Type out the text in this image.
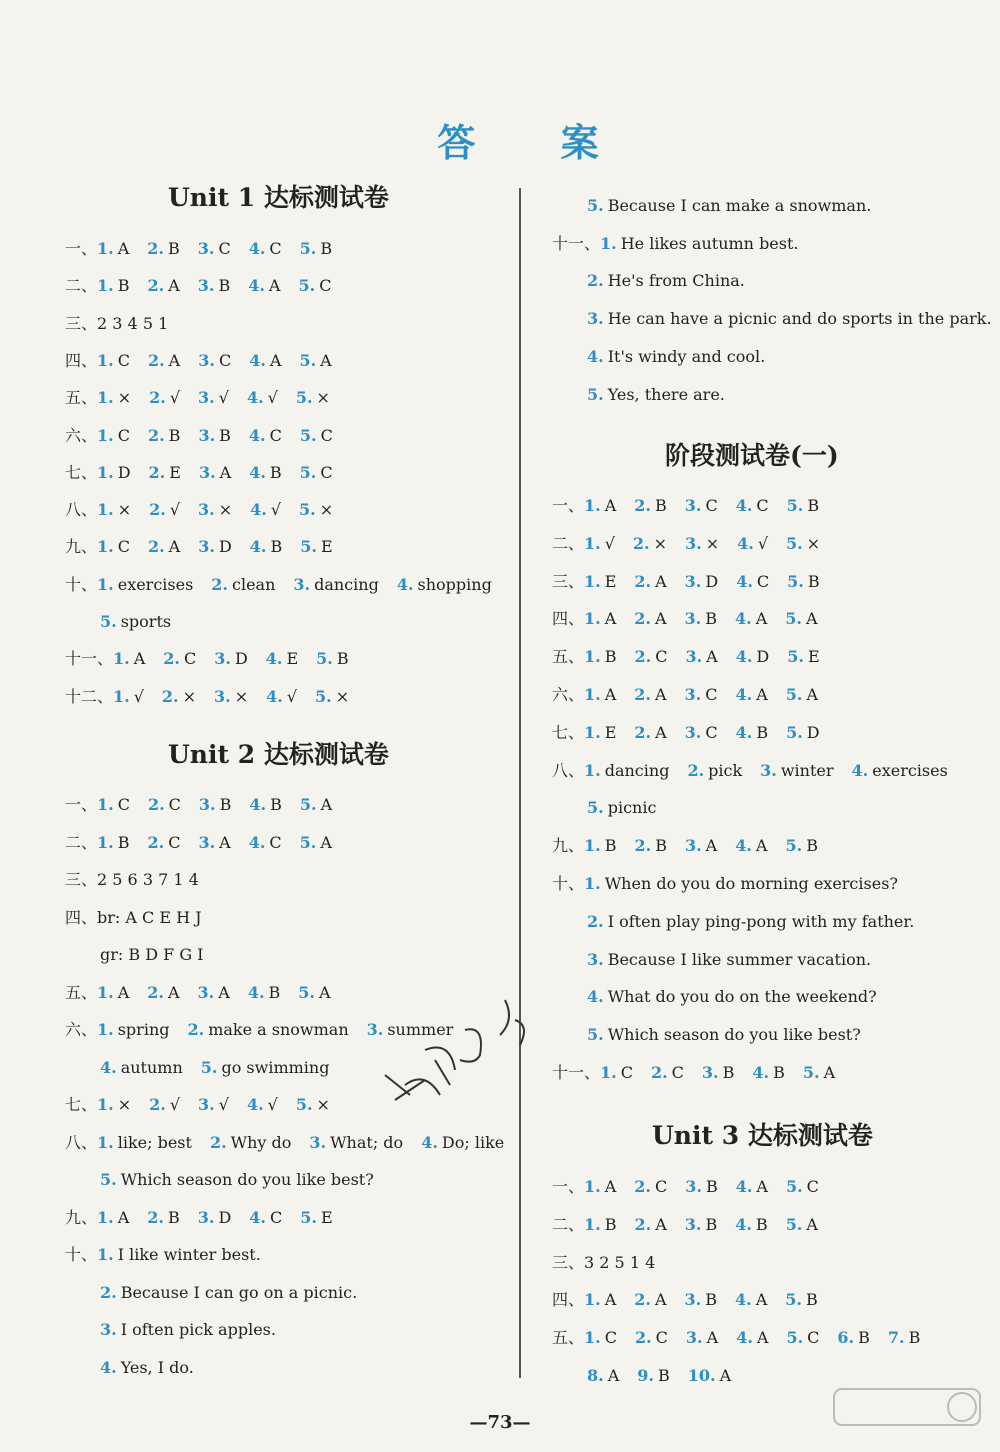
答 案
Unit 1 达标测试卷
一、1. A 2. B 3. C 4. C 5. B
二、1. B 2. A 3. B 4. A 5. C
三、2 3 4 5 1
四、1. C 2. A 3. C 4. A 5. A
五、1. × 2. √ 3. √ 4. √ 5. ×
六、1. C 2. B 3. B 4. C 5. C
七、1. D 2. E 3. A 4. B 5. C
八、1. × 2. √ 3. × 4. √ 5. ×
九、1. C 2. A 3. D 4. B 5. E
十、1. exercises 2. clean 3. dancing 4. shopping
5. sports
十一、1. A 2. C 3. D 4. E 5. B
十二、1. √ 2. × 3. × 4. √ 5. ×
Unit 2 达标测试卷
一、1. C 2. C 3. B 4. B 5. A
二、1. B 2. C 3. A 4. C 5. A
三、2 5 6 3 7 1 4
四、br: A C E H J
gr: B D F G I
五、1. A 2. A 3. A 4. B 5. A
六、1. spring 2. make a snowman 3. summer
4. autumn 5. go swimming
七、1. × 2. √ 3. √ 4. √ 5. ×
八、1. like; best 2. Why do 3. What; do 4. Do; like
5. Which season do you like best?
九、1. A 2. B 3. D 4. C 5. E
十、1. I like winter best.
2. Because I can go on a picnic.
3. I often pick apples.
4. Yes, I do.
5. Because I can make a snowman.
十一、1. He likes autumn best.
2. He's from China.
3. He can have a picnic and do sports in the park.
4. It's windy and cool.
5. Yes, there are.
阶段测试卷(一)
一、1. A 2. B 3. C 4. C 5. B
二、1. √ 2. × 3. × 4. √ 5. ×
三、1. E 2. A 3. D 4. C 5. B
四、1. A 2. A 3. B 4. A 5. A
五、1. B 2. C 3. A 4. D 5. E
六、1. A 2. A 3. C 4. A 5. A
七、1. E 2. A 3. C 4. B 5. D
八、1. dancing 2. pick 3. winter 4. exercises
5. picnic
九、1. B 2. B 3. A 4. A 5. B
十、1. When do you do morning exercises?
2. I often play ping-pong with my father.
3. Because I like summer vacation.
4. What do you do on the weekend?
5. Which season do you like best?
十一、1. C 2. C 3. B 4. B 5. A
Unit 3 达标测试卷
一、1. A 2. C 3. B 4. A 5. C
二、1. B 2. A 3. B 4. B 5. A
三、3 2 5 1 4
四、1. A 2. A 3. B 4. A 5. B
五、1. C 2. C 3. A 4. A 5. C 6. B 7. B
8. A 9. B 10. A
—73—
